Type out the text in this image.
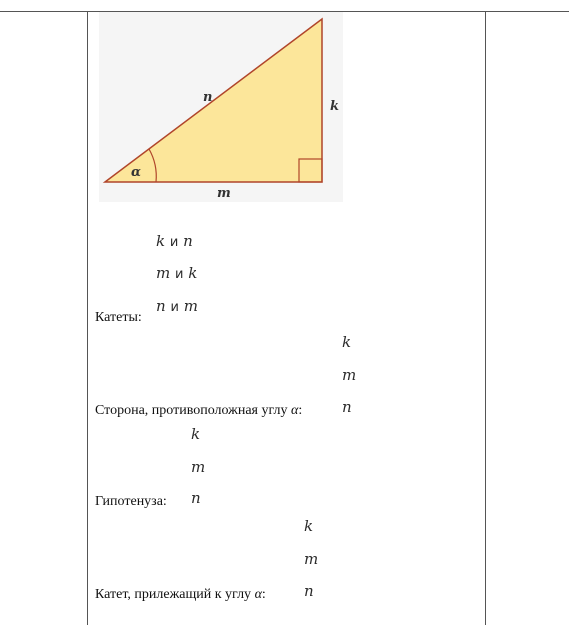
n
k
m
α
k и n
m и k
n и m
Катеты:
k
m
n
Сторона, противоположная углу α:
k
m
n
Гипотенуза:
k
m
n
Катет, прилежащий к углу α:
